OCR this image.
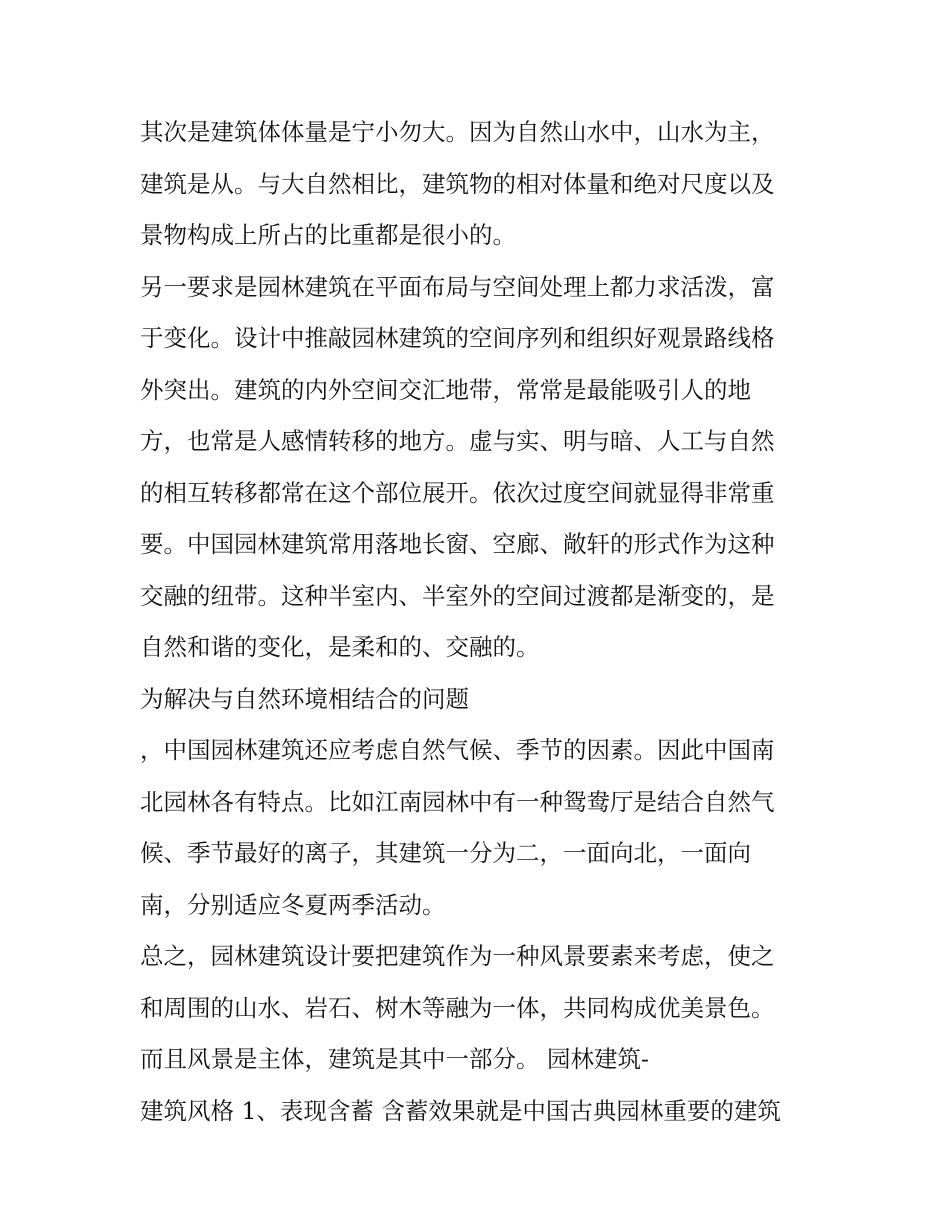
其次是建筑体体量是宁小勿大。因为自然山水中，山水为主，
建筑是从。与大自然相比，建筑物的相对体量和绝对尺度以及
景物构成上所占的比重都是很小的。
另一要求是园林建筑在平面布局与空间处理上都力求活泼，富
于变化。设计中推敲园林建筑的空间序列和组织好观景路线格
外突出。建筑的内外空间交汇地带，常常是最能吸引人的地
方，也常是人感情转移的地方。虚与实、明与暗、人工与自然
的相互转移都常在这个部位展开。依次过度空间就显得非常重
要。中国园林建筑常用落地长窗、空廊、敞轩的形式作为这种
交融的纽带。这种半室内、半室外的空间过渡都是渐变的，是
自然和谐的变化，是柔和的、交融的。
为解决与自然环境相结合的问题
，中国园林建筑还应考虑自然气候、季节的因素。因此中国南
北园林各有特点。比如江南园林中有一种鸳鸯厅是结合自然气
候、季节最好的离子，其建筑一分为二，一面向北，一面向
南，分别适应冬夏两季活动。
总之，园林建筑设计要把建筑作为一种风景要素来考虑，使之
和周围的山水、岩石、树木等融为一体，共同构成优美景色。
而且风景是主体，建筑是其中一部分。 园林建筑-
建筑风格 1、表现含蓄 含蓄效果就是中国古典园林重要的建筑
